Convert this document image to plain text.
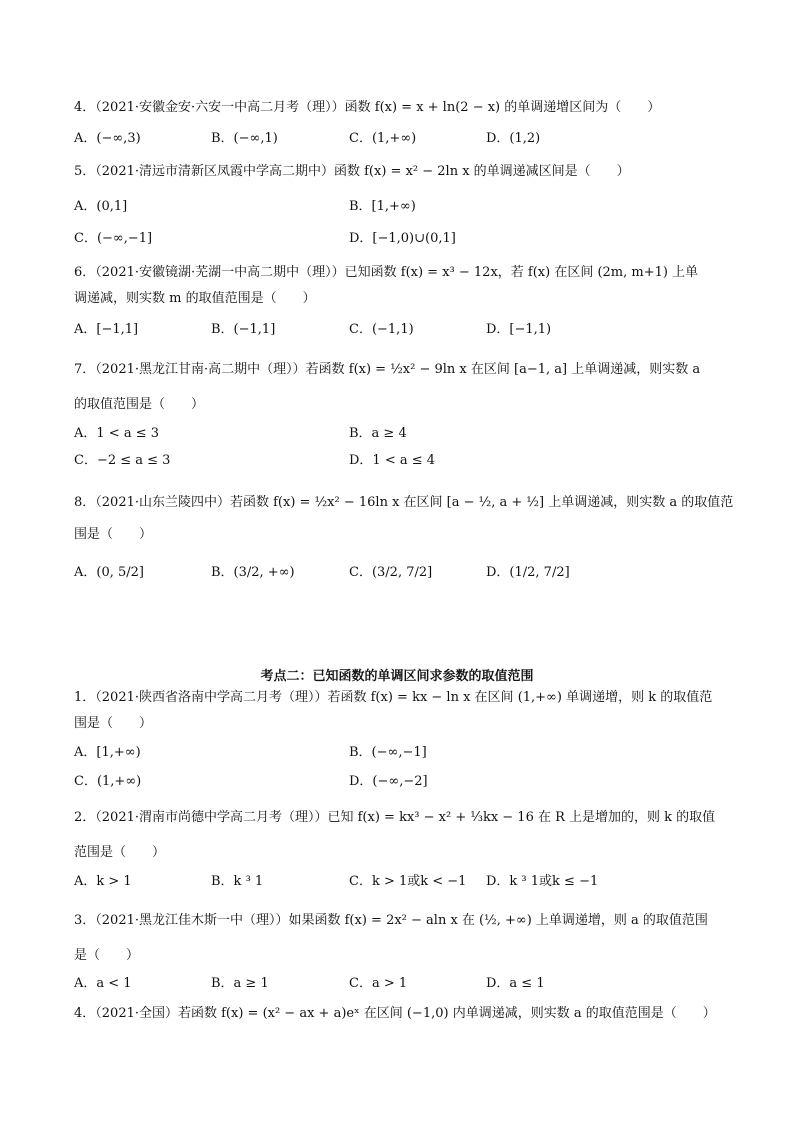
4．（2021·安徽金安·六安一中高二月考（理））函数 f(x) = x + ln(2 − x) 的单调递增区间为（　　）
A．(−∞,3)	B．(−∞,1)	C．(1,+∞)	D．(1,2)
5．（2021·清远市清新区凤霞中学高二期中）函数 f(x) = x² − 2ln x 的单调递减区间是（　　）
A．(0,1]	B．[1,+∞)
C．(−∞,−1]	D．[−1,0)∪(0,1]
6．（2021·安徽镜湖·芜湖一中高二期中（理））已知函数 f(x) = x³ − 12x，若 f(x) 在区间 (2m, m+1) 上单
调递减，则实数 m 的取值范围是（　　）
A．[−1,1]	B．(−1,1]	C．(−1,1)	D．[−1,1)
7．（2021·黑龙江甘南·高二期中（理））若函数 f(x) = ½x² − 9ln x 在区间 [a−1, a] 上单调递减，则实数 a
的取值范围是（　　）
A．1 < a ≤ 3	B．a ≥ 4
C．−2 ≤ a ≤ 3	D．1 < a ≤ 4
8．（2021·山东兰陵四中）若函数 f(x) = ½x² − 16ln x 在区间 [a − ½, a + ½] 上单调递减，则实数 a 的取值范
围是（　　）
A．(0, 5/2]	B．(3/2, +∞)	C．(3/2, 7/2]	D．(1/2, 7/2]
考点二：已知函数的单调区间求参数的取值范围
1．（2021·陕西省洛南中学高二月考（理））若函数 f(x) = kx − ln x 在区间 (1,+∞) 单调递增，则 k 的取值范
围是（　　）
A．[1,+∞)	B．(−∞,−1]
C．(1,+∞)	D．(−∞,−2]
2．（2021·渭南市尚德中学高二月考（理））已知 f(x) = kx³ − x² + ⅓kx − 16 在 R 上是增加的，则 k 的取值
范围是（　　）
A．k > 1	B．k ³ 1	C．k > 1或k < −1 D．k ³ 1或k ≤ −1
3．（2021·黑龙江佳木斯一中（理））如果函数 f(x) = 2x² − aln x 在 (½, +∞) 上单调递增，则 a 的取值范围
是（　　）
A．a < 1	B．a ≥ 1	C．a > 1	D．a ≤ 1
4．（2021·全国）若函数 f(x) = (x² − ax + a)eˣ 在区间 (−1,0) 内单调递减，则实数 a 的取值范围是（　　）
